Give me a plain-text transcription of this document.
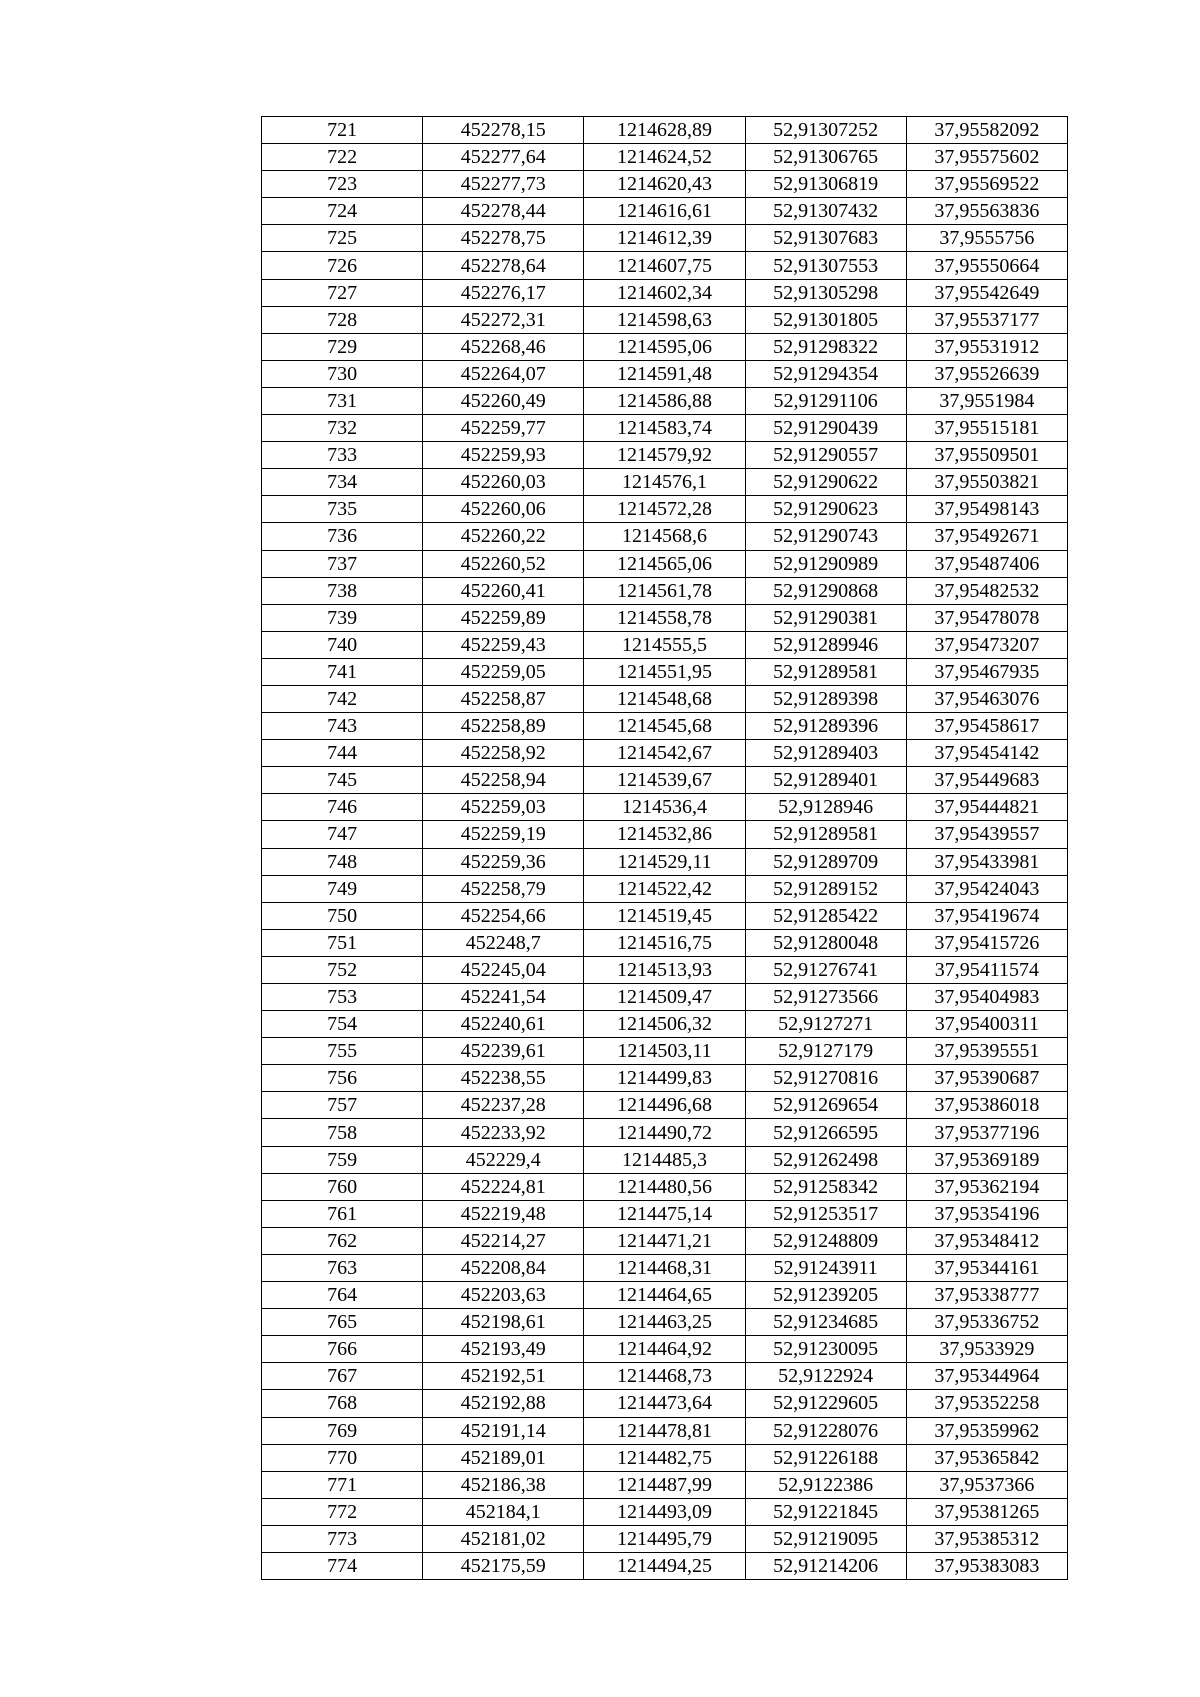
721	452278,15	1214628,89	52,91307252	37,95582092
722	452277,64	1214624,52	52,91306765	37,95575602
723	452277,73	1214620,43	52,91306819	37,95569522
724	452278,44	1214616,61	52,91307432	37,95563836
725	452278,75	1214612,39	52,91307683	37,9555756
726	452278,64	1214607,75	52,91307553	37,95550664
727	452276,17	1214602,34	52,91305298	37,95542649
728	452272,31	1214598,63	52,91301805	37,95537177
729	452268,46	1214595,06	52,91298322	37,95531912
730	452264,07	1214591,48	52,91294354	37,95526639
731	452260,49	1214586,88	52,91291106	37,9551984
732	452259,77	1214583,74	52,91290439	37,95515181
733	452259,93	1214579,92	52,91290557	37,95509501
734	452260,03	1214576,1	52,91290622	37,95503821
735	452260,06	1214572,28	52,91290623	37,95498143
736	452260,22	1214568,6	52,91290743	37,95492671
737	452260,52	1214565,06	52,91290989	37,95487406
738	452260,41	1214561,78	52,91290868	37,95482532
739	452259,89	1214558,78	52,91290381	37,95478078
740	452259,43	1214555,5	52,91289946	37,95473207
741	452259,05	1214551,95	52,91289581	37,95467935
742	452258,87	1214548,68	52,91289398	37,95463076
743	452258,89	1214545,68	52,91289396	37,95458617
744	452258,92	1214542,67	52,91289403	37,95454142
745	452258,94	1214539,67	52,91289401	37,95449683
746	452259,03	1214536,4	52,9128946	37,95444821
747	452259,19	1214532,86	52,91289581	37,95439557
748	452259,36	1214529,11	52,91289709	37,95433981
749	452258,79	1214522,42	52,91289152	37,95424043
750	452254,66	1214519,45	52,91285422	37,95419674
751	452248,7	1214516,75	52,91280048	37,95415726
752	452245,04	1214513,93	52,91276741	37,95411574
753	452241,54	1214509,47	52,91273566	37,95404983
754	452240,61	1214506,32	52,9127271	37,95400311
755	452239,61	1214503,11	52,9127179	37,95395551
756	452238,55	1214499,83	52,91270816	37,95390687
757	452237,28	1214496,68	52,91269654	37,95386018
758	452233,92	1214490,72	52,91266595	37,95377196
759	452229,4	1214485,3	52,91262498	37,95369189
760	452224,81	1214480,56	52,91258342	37,95362194
761	452219,48	1214475,14	52,91253517	37,95354196
762	452214,27	1214471,21	52,91248809	37,95348412
763	452208,84	1214468,31	52,91243911	37,95344161
764	452203,63	1214464,65	52,91239205	37,95338777
765	452198,61	1214463,25	52,91234685	37,95336752
766	452193,49	1214464,92	52,91230095	37,9533929
767	452192,51	1214468,73	52,9122924	37,95344964
768	452192,88	1214473,64	52,91229605	37,95352258
769	452191,14	1214478,81	52,91228076	37,95359962
770	452189,01	1214482,75	52,91226188	37,95365842
771	452186,38	1214487,99	52,9122386	37,9537366
772	452184,1	1214493,09	52,91221845	37,95381265
773	452181,02	1214495,79	52,91219095	37,95385312
774	452175,59	1214494,25	52,91214206	37,95383083
